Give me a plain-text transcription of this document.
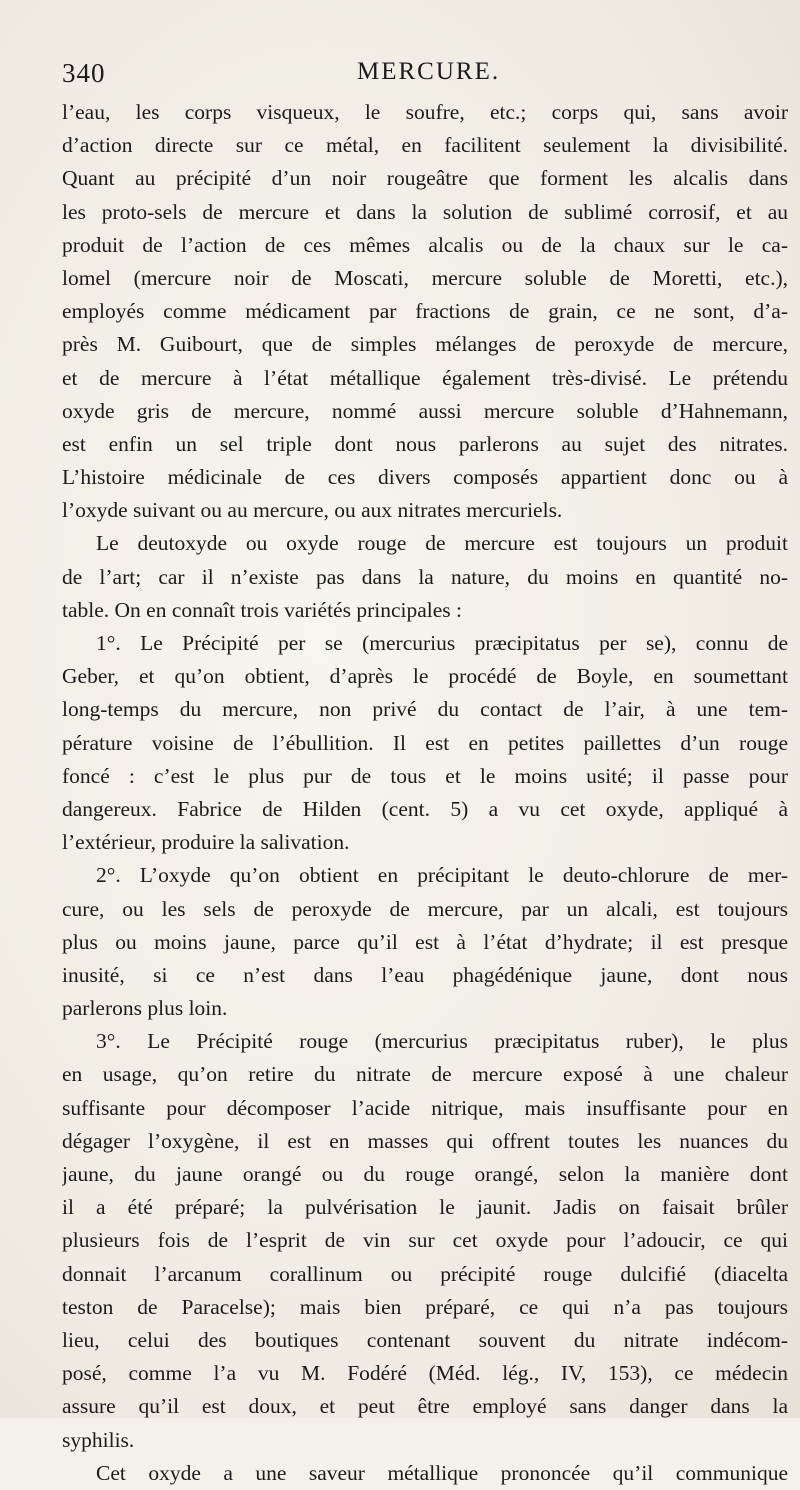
340	MERCURE.
l’eau, les corps visqueux, le soufre, etc.; corps qui, sans avoir
d’action directe sur ce métal, en facilitent seulement la divisibilité.
Quant au précipité d’un noir rougeâtre que forment les alcalis dans
les proto-sels de mercure et dans la solution de sublimé corrosif, et au
produit de l’action de ces mêmes alcalis ou de la chaux sur le ca-
lomel (mercure noir de Moscati, mercure soluble de Moretti, etc.),
employés comme médicament par fractions de grain, ce ne sont, d’a-
près M. Guibourt, que de simples mélanges de peroxyde de mercure,
et de mercure à l’état métallique également très-divisé. Le prétendu
oxyde gris de mercure, nommé aussi mercure soluble d’Hahnemann,
est enfin un sel triple dont nous parlerons au sujet des nitrates.
L’histoire médicinale de ces divers composés appartient donc ou à
l’oxyde suivant ou au mercure, ou aux nitrates mercuriels.
Le deutoxyde ou oxyde rouge de mercure est toujours un produit
de l’art; car il n’existe pas dans la nature, du moins en quantité no-
table. On en connaît trois variétés principales :
1°. Le Précipité per se (mercurius præcipitatus per se), connu de
Geber, et qu’on obtient, d’après le procédé de Boyle, en soumettant
long-temps du mercure, non privé du contact de l’air, à une tem-
pérature voisine de l’ébullition. Il est en petites paillettes d’un rouge
foncé : c’est le plus pur de tous et le moins usité; il passe pour
dangereux. Fabrice de Hilden (cent. 5) a vu cet oxyde, appliqué à
l’extérieur, produire la salivation.
2°. L’oxyde qu’on obtient en précipitant le deuto-chlorure de mer-
cure, ou les sels de peroxyde de mercure, par un alcali, est toujours
plus ou moins jaune, parce qu’il est à l’état d’hydrate; il est presque
inusité, si ce n’est dans l’eau phagédénique jaune, dont nous
parlerons plus loin.
3°. Le Précipité rouge (mercurius præcipitatus ruber), le plus
en usage, qu’on retire du nitrate de mercure exposé à une chaleur
suffisante pour décomposer l’acide nitrique, mais insuffisante pour en
dégager l’oxygène, il est en masses qui offrent toutes les nuances du
jaune, du jaune orangé ou du rouge orangé, selon la manière dont
il a été préparé; la pulvérisation le jaunit. Jadis on faisait brûler
plusieurs fois de l’esprit de vin sur cet oxyde pour l’adoucir, ce qui
donnait l’arcanum corallinum ou précipité rouge dulcifié (diacelta
teston de Paracelse); mais bien préparé, ce qui n’a pas toujours
lieu, celui des boutiques contenant souvent du nitrate indécom-
posé, comme l’a vu M. Fodéré (Méd. lég., IV, 153), ce médecin
assure qu’il est doux, et peut être employé sans danger dans la
syphilis.
Cet oxyde a une saveur métallique prononcée qu’il communique
